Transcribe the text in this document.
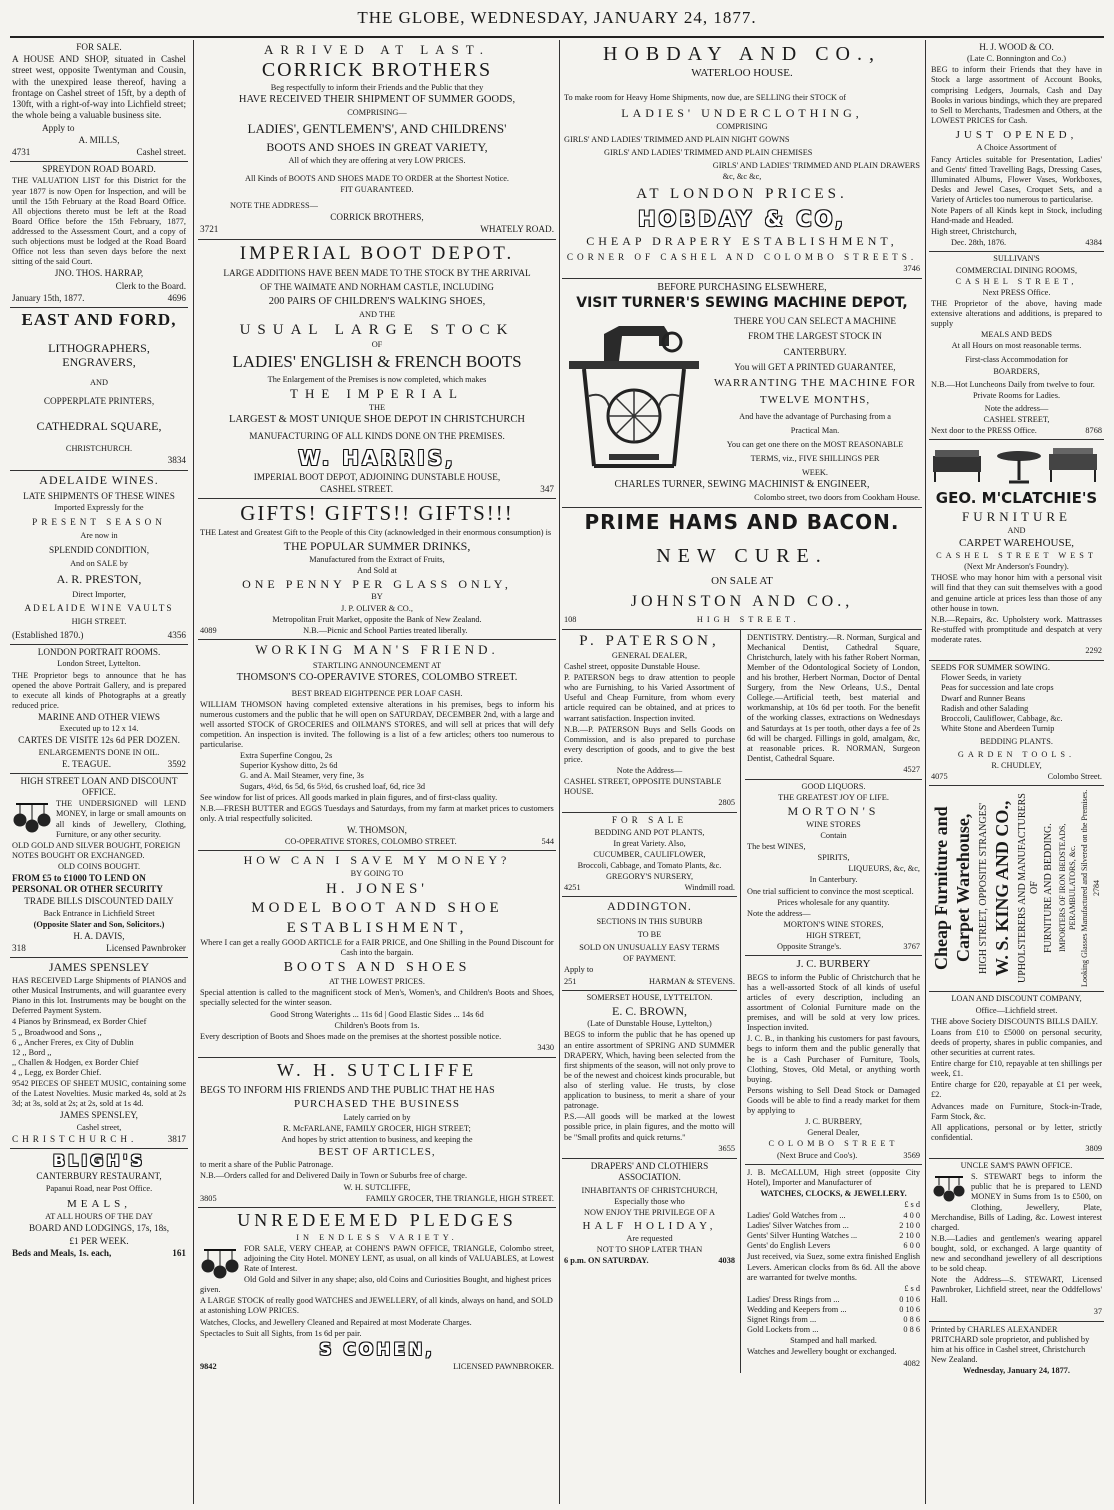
THE GLOBE, WEDNESDAY, JANUARY 24, 1877.
FOR SALE.

A HOUSE AND SHOP, situated in Cashel street west, opposite Twentyman and Cousin, with the unexpired lease thereof, having a frontage on Cashel street of 15ft, by a depth of 130ft, with a right-of-way into Lichfield street; the whole being a valuable business site.

Apply to

A. MILLS,

4731	Cashel street.
SPREYDON ROAD BOARD.

THE VALUATION LIST for this District for the year 1877 is now Open for Inspection, and will be until the 15th February at the Road Board Office. All objections thereto must be left at the Road Board Office before the 15th February, 1877, addressed to the Assessment Court, and a copy of such objections must be lodged at the Road Board Office not less than seven days before the next sitting of the said Court.

JNO. THOS. HARRAP,

Clerk to the Board.

January 15th, 1877.	4696
EAST AND FORD,

LITHOGRAPHERS, ENGRAVERS,

AND

COPPERPLATE PRINTERS,

CATHEDRAL SQUARE,

CHRISTCHURCH.

3834

ADELAIDE WINES.

LATE SHIPMENTS OF THESE WINES

Imported Expressly for the

PRESENT SEASON

Are now in

SPLENDID CONDITION,

And on SALE by

A. R. PRESTON,

Direct Importer,

ADELAIDE WINE VAULTS

HIGH STREET.

(Established 1870.)	4356
LONDON PORTRAIT ROOMS.

London Street, Lyttelton.

THE Proprietor begs to announce that he has opened the above Portrait Gallery, and is prepared to execute all kinds of Photographs at a greatly reduced price.

MARINE AND OTHER VIEWS

Executed up to 12 x 14.

CARTES DE VISITE 12s 6d PER DOZEN.

ENLARGEMENTS DONE IN OIL.

E. TEAGUE.	3592
HIGH STREET LOAN AND DISCOUNT OFFICE.

THE UNDERSIGNED will LEND MONEY, in large or small amounts on all kinds of Jewellery, Clothing, Furniture, or any other security.

OLD GOLD AND SILVER BOUGHT, FOREIGN NOTES BOUGHT OR EXCHANGED.

OLD COINS BOUGHT.

FROM £5 to £1000 TO LEND ON PERSONAL OR OTHER SECURITY

TRADE BILLS DISCOUNTED DAILY

Back Entrance in Lichfield Street

(Opposite Slater and Son, Solicitors.)

H. A. DAVIS,

318	Licensed Pawnbroker
JAMES SPENSLEY

HAS RECEIVED Large Shipments of PIANOS and other Musical Instruments, and will guarantee every Piano in this lot. Instruments may be bought on the Deferred Payment System.

4 Pianos by Brinsmead, ex Border Chief
5 ,, Broadwood and Sons ,,
6 ,, Ancher Freres, ex City of Dublin
12 ,, Bord ,,
,, Challen & Hodgen, ex Border Chief
4 ,, Legg, ex Border Chief.

9542 PIECES OF SHEET MUSIC, containing some of the Latest Novelties. Music marked 4s, sold at 2s 3d; at 3s, sold at 2s; at 2s, sold at 1s 4d.

JAMES SPENSLEY,

Cashel street,

CHRISTCHURCH.	3817
BLIGH'S

CANTERBURY RESTAURANT,

Papanui Road, near Post Office.

MEALS,

AT ALL HOURS OF THE DAY

BOARD AND LODGINGS, 17s, 18s,

£1 PER WEEK.

Beds and Meals, 1s. each,	161
ARRIVED AT LAST.
CORRICK BROTHERS

Beg respectfully to inform their Friends and the Public that they

HAVE RECEIVED THEIR SHIPMENT OF SUMMER GOODS,

COMPRISING—

LADIES', GENTLEMEN'S', AND CHILDRENS'

BOOTS AND SHOES IN GREAT VARIETY,

All of which they are offering at very LOW PRICES.

All Kinds of BOOTS AND SHOES MADE TO ORDER at the Shortest Notice.

FIT GUARANTEED.

NOTE THE ADDRESS—

CORRICK BROTHERS,

3721	WHATELY ROAD.
IMPERIAL BOOT DEPOT.

LARGE ADDITIONS HAVE BEEN MADE TO THE STOCK BY THE ARRIVAL

OF THE WAIMATE AND NORHAM CASTLE, INCLUDING

200 PAIRS OF CHILDREN'S WALKING SHOES,

AND THE

USUAL LARGE STOCK

OF

LADIES' ENGLISH & FRENCH BOOTS

The Enlargement of the Premises is now completed, which makes

THE IMPERIAL

THE

LARGEST & MOST UNIQUE SHOE DEPOT IN CHRISTCHURCH

MANUFACTURING OF ALL KINDS DONE ON THE PREMISES.

W. HARRIS,

IMPERIAL BOOT DEPOT, ADJOINING DUNSTABLE HOUSE,

CASHEL STREET.	347
GIFTS! GIFTS!! GIFTS!!!

THE Latest and Greatest Gift to the People of this City (acknowledged in their enormous consumption) is

THE POPULAR SUMMER DRINKS,

Manufactured from the Extract of Fruits,

And Sold at

ONE PENNY PER GLASS ONLY,

BY

J. P. OLIVER & CO.,

Metropolitan Fruit Market, opposite the Bank of New Zealand.

4089	N.B.—Picnic and School Parties treated liberally.
WORKING MAN'S FRIEND.

STARTLING ANNOUNCEMENT AT

THOMSON'S CO-OPERAVIVE STORES, COLOMBO STREET.

BEST BREAD EIGHTPENCE PER LOAF CASH.

WILLIAM THOMSON having completed extensive alterations in his premises, begs to inform his numerous customers and the public that he will open on SATURDAY, DECEMBER 2nd, with a large and well assorted STOCK of GROCERIES and OILMAN'S STORES, and will sell at prices that will defy competition. An inspection is invited. The following is a list of a few articles; others too numerous to particularise.

Extra Superfine Congou, 2s
Superior Kyshow ditto, 2s 6d
G. and A. Mail Steamer, very fine, 3s
Sugars, 4½d, 6s 5d, 6s 5½d, 6s crushed loaf, 6d, rice 3d

See window for list of prices. All goods marked in plain figures, and of first-class quality.

N.B.—FRESH BUTTER and EGGS Tuesdays and Saturdays, from my farm at market prices to customers only. A trial respectfully solicited.

W. THOMSON,

CO-OPERATIVE STORES, COLOMBO STREET.	544
HOW CAN I SAVE MY MONEY?

BY GOING TO

H. JONES'

MODEL BOOT AND SHOE

ESTABLISHMENT,

Where I can get a really GOOD ARTICLE for a FAIR PRICE, and One Shilling in the Pound Discount for Cash into the bargain.

BOOTS AND SHOES

AT THE LOWEST PRICES.

Special attention is called to the magnificent stock of Men's, Women's, and Children's Boots and Shoes, specially selected for the winter season.

Good Strong Waterights ... 11s 6d | Good Elastic Sides ... 14s 6d

Children's Boots from 1s.

Every description of Boots and Shoes made on the premises at the shortest possible notice.

3430

W. H. SUTCLIFFE

BEGS TO INFORM HIS FRIENDS AND THE PUBLIC THAT HE HAS

PURCHASED THE BUSINESS

Lately carried on by

R. McFARLANE, FAMILY GROCER, HIGH STREET;

And hopes by strict attention to business, and keeping the

BEST OF ARTICLES,

to merit a share of the Public Patronage.

N.B.—Orders called for and Delivered Daily in Town or Suburbs free of charge.

W. H. SUTCLIFFE,

3805	FAMILY GROCER, THE TRIANGLE, HIGH STREET.
UNREDEEMED PLEDGES

IN ENDLESS VARIETY.

FOR SALE, VERY CHEAP, at COHEN'S PAWN OFFICE, TRIANGLE, Colombo street, adjoining the City Hotel. MONEY LENT, as usual, on all kinds of VALUABLES, at Lowest Rate of Interest.

Old Gold and Silver in any shape; also, old Coins and Curiosities Bought, and highest prices given.

A LARGE STOCK of really good WATCHES and JEWELLERY, of all kinds, always on hand, and SOLD at astonishing LOW PRICES.

Watches, Clocks, and Jewellery Cleaned and Repaired at most Moderate Charges.

Spectacles to Suit all Sights, from 1s 6d per pair.

S COHEN,

9842	LICENSED PAWNBROKER.
HOBDAY AND CO.,

WATERLOO HOUSE.

To make room for Heavy Home Shipments, now due, are SELLING their STOCK of

LADIES' UNDERCLOTHING,

COMPRISING

GIRLS' AND LADIES' TRIMMED AND PLAIN NIGHT GOWNS

GIRLS' AND LADIES' TRIMMED AND PLAIN CHEMISES

GIRLS' AND LADIES' TRIMMED AND PLAIN DRAWERS

&c, &c &c,

AT LONDON PRICES.

HOBDAY & CO,

CHEAP DRAPERY ESTABLISHMENT,

CORNER OF CASHEL AND COLOMBO STREETS.

3746

BEFORE PURCHASING ELSEWHERE,

VISIT TURNER'S SEWING MACHINE DEPOT,

THERE YOU CAN SELECT A MACHINE

FROM THE LARGEST STOCK IN

CANTERBURY.

You will GET A PRINTED GUARANTEE,

WARRANTING THE MACHINE FOR

TWELVE MONTHS,

And have the advantage of Purchasing from a

Practical Man.

You can get one there on the MOST REASONABLE

TERMS, viz., FIVE SHILLINGS PER

WEEK.

CHARLES TURNER, SEWING MACHINIST & ENGINEER,

Colombo street, two doors from Cookham House.

PRIME HAMS AND BACON.

NEW CURE.

ON SALE AT

JOHNSTON AND CO.,

108	HIGH STREET.
P. PATERSON,

GENERAL DEALER,

Cashel street, opposite Dunstable House.

P. PATERSON begs to draw attention to people who are Furnishing, to his Varied Assortment of Useful and Cheap Furniture, from whom every article required can be obtained, and at prices to warrant satisfaction. Inspection invited.

N.B.—P. PATERSON Buys and Sells Goods on Commission, and is also prepared to purchase every description of goods, and to give the best price.

Note the Address—

CASHEL STREET, OPPOSITE DUNSTABLE HOUSE.

2805

FOR SALE

BEDDING AND POT PLANTS,

In great Variety. Also,

CUCUMBER, CAULIFLOWER,

Broccoli, Cabbage, and Tomato Plants, &c.

GREGORY'S NURSERY,

4251	Windmill road.
ADDINGTON.

SECTIONS IN THIS SUBURB

TO BE

SOLD ON UNUSUALLY EASY TERMS

OF PAYMENT.

Apply to

251	HARMAN & STEVENS.
SOMERSET HOUSE, LYTTELTON.

E. C. BROWN,

(Late of Dunstable House, Lyttelton,)

BEGS to inform the public that he has opened up an entire assortment of SPRING AND SUMMER DRAPERY, Which, having been selected from the first shipments of the season, will not only prove to be of the newest and choicest kinds procurable, but also of sterling value. He trusts, by close application to business, to merit a share of your patronage.

P.S.—All goods will be marked at the lowest possible price, in plain figures, and the motto will be "Small profits and quick returns."

3655

DRAPERS' AND CLOTHIERS ASSOCIATION.

INHABITANTS OF CHRISTCHURCH,

Especially those who

NOW ENJOY THE PRIVILEGE OF A

HALF HOLIDAY,

Are requested

NOT TO SHOP LATER THAN

6 p.m. ON SATURDAY.	4038

DENTISTRY. Dentistry.—R. Norman, Surgical and Mechanical Dentist, Cathedral Square, Christchurch, lately with his father Robert Norman, Member of the Odontological Society of London, and his brother, Herbert Norman, Doctor of Dental Surgery, from the New Orleans, U.S., Dental College.—Artificial teeth, best material and workmanship, at 10s 6d per tooth. For the benefit of the working classes, extractions on Wednesdays and Saturdays at 1s per tooth, other days a fee of 2s 6d will be charged. Fillings in gold, amalgam, &c, at reasonable prices. R. NORMAN, Surgeon Dentist, Cathedral Square.

4527

GOOD LIQUORS.

THE GREATEST JOY OF LIFE.

MORTON'S

WINE STORES

Contain

The best WINES,

SPIRITS,

LIQUEURS, &c, &c,

In Canterbury.

One trial sufficient to convince the most sceptical.

Prices wholesale for any quantity.

Note the address—

MORTON'S WINE STORES,

HIGH STREET,

Opposite Strange's.	3767
J. C. BURBERY

BEGS to inform the Public of Christchurch that he has a well-assorted Stock of all kinds of useful articles of every description, including an assortment of Colonial Furniture made on the premises, and will be sold at very low prices. Inspection invited.

J. C. B., in thanking his customers for past favours, begs to inform them and the public generally that he is a Cash Purchaser of Furniture, Tools, Clothing, Stoves, Old Metal, or anything worth buying.

Persons wishing to Sell Dead Stock or Damaged Goods will be able to find a ready market for them by applying to

J. C. BURBERY,

General Dealer,

COLOMBO STREET

(Next Bruce and Coo's).	3569

J. B. McCALLUM, High street (opposite City Hotel), Importer and Manufacturer of

WATCHES, CLOCKS, & JEWELLERY.

£ s d

Ladies' Gold Watches from ...	4 0 0
Ladies' Silver Watches from ...	2 10 0
Gents' Silver Hunting Watches ...	2 10 0
Gents' do English Levers	6 0 0

Just received, via Suez, some extra finished English Levers. American clocks from 8s 6d. All the above are warranted for twelve months.

£ s d

Ladies' Dress Rings from ...	0 10 6
Wedding and Keepers from ...	0 10 6
Signet Rings from ...	0 8 6
Gold Lockets from ...	0 8 6

Stamped and hall marked.

Watches and Jewellery bought or exchanged.

4082

H. J. WOOD & CO.

(Late C. Bonnington and Co.)

BEG to inform their Friends that they have in Stock a large assortment of Account Books, comprising Ledgers, Journals, Cash and Day Books in various bindings, which they are prepared to Sell to Merchants, Tradesmen and Others, at the LOWEST PRICES for Cash.

JUST OPENED,

A Choice Assortment of

Fancy Articles suitable for Presentation, Ladies' and Gents' fitted Travelling Bags, Dressing Cases, Illuminated Albums, Flower Vases, Workboxes, Desks and Jewel Cases, Croquet Sets, and a Variety of Articles too numerous to particularise.

Note Papers of all Kinds kept in Stock, including Hand-made and Headed.

High street, Christchurch,

Dec. 28th, 1876.	4384
SULLIVAN'S

COMMERCIAL DINING ROOMS,

CASHEL STREET,

Next PRESS Office.

THE Proprietor of the above, having made extensive alterations and additions, is prepared to supply

MEALS AND BEDS

At all Hours on most reasonable terms.

First-class Accommodation for

BOARDERS,

N.B.—Hot Luncheons Daily from twelve to four.

Private Rooms for Ladies.

Note the address—

CASHEL STREET,

Next door to the PRESS Office.	8768
GEO. M'CLATCHIE'S

FURNITURE

AND

CARPET WAREHOUSE,

CASHEL STREET WEST

(Next Mr Anderson's Foundry).

THOSE who may honor him with a personal visit will find that they can suit themselves with a good and genuine article at prices less than those of any other house in town.

N.B.—Repairs, &c. Upholstery work. Mattrasses Re-stuffed with promptitude and despatch at very moderate rates.

2292

SEEDS FOR SUMMER SOWING.
Flower Seeds, in variety
Peas for succession and late crops
Dwarf and Runner Beans
Radish and other Salading
Broccoli, Cauliflower, Cabbage, &c.
White Stone and Aberdeen Turnip

BEDDING PLANTS.

GARDEN TOOLS.

R. CHUDLEY,

4075	Colombo Street.
Cheap Furniture and Carpet Warehouse, HIGH STREET, OPPOSITE STRANGES' W. S. KING AND CO., UPHOLSTERERS AND MANUFACTURERS OF FURNITURE AND BEDDING. IMPORTERS OF IRON BEDSTEADS, PERAMBULATORS, &c. Looking Glasses Manufactured and Silvered on the Premises. 2784
LOAN AND DISCOUNT COMPANY,

Office—Lichfield street.

THE above Society DISCOUNTS BILLS DAILY.

Loans from £10 to £5000 on personal security, deeds of property, shares in public companies, and other securities at current rates.

Entire charge for £10, repayable at ten shillings per week, £1.

Entire charge for £20, repayable at £1 per week, £2.

Advances made on Furniture, Stock-in-Trade, Farm Stock, &c.

All applications, personal or by letter, strictly confidential.

3809

UNCLE SAM'S PAWN OFFICE.

S. STEWART begs to inform the public that he is prepared to LEND MONEY in Sums from 1s to £500, on Clothing, Jewellery, Plate, Merchandise, Bills of Lading, &c. Lowest interest charged.

N.B.—Ladies and gentlemen's wearing apparel bought, sold, or exchanged. A large quantity of new and secondhand jewellery of all descriptions to be sold cheap.

Note the Address—S. STEWART, Licensed Pawnbroker, Lichfield street, near the Oddfellows' Hall.

37

Printed by CHARLES ALEXANDER PRITCHARD sole proprietor, and published by him at his office in Cashel street, Christchurch New Zealand.

Wednesday, January 24, 1877.
